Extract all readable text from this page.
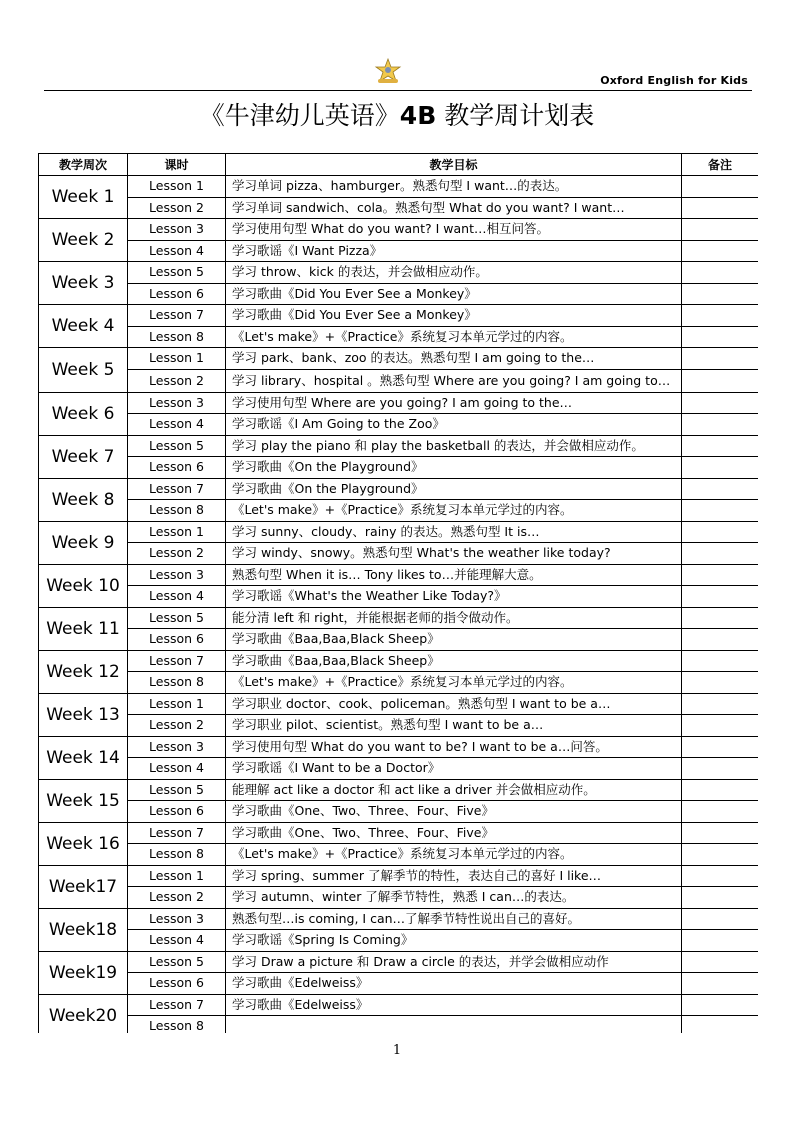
Oxford English for Kids
《牛津幼儿英语》4B 教学周计划表
教学周次	课时	教学目标	备注
Week 1	Lesson 1	学习单词 pizza、hamburger。熟悉句型 I want…的表达。	
	Lesson 2	学习单词 sandwich、cola。熟悉句型 What do you want? I want…	
Week 2	Lesson 3	学习使用句型 What do you want? I want…相互问答。	
	Lesson 4	学习歌谣《I Want Pizza》	
Week 3	Lesson 5	学习 throw、kick 的表达，并会做相应动作。	
	Lesson 6	学习歌曲《Did You Ever See a Monkey》	
Week 4	Lesson 7	学习歌曲《Did You Ever See a Monkey》	
	Lesson 8	《Let's make》+《Practice》系统复习本单元学过的内容。	
Week 5	Lesson 1	学习 park、bank、zoo 的表达。熟悉句型 I am going to the…	
	Lesson 2	学习 library、hospital 。熟悉句型 Where are you going? I am going to…	
Week 6	Lesson 3	学习使用句型 Where are you going? I am going to the…	
	Lesson 4	学习歌谣《I Am Going to the Zoo》	
Week 7	Lesson 5	学习 play the piano 和 play the basketball 的表达，并会做相应动作。	
	Lesson 6	学习歌曲《On the Playground》	
Week 8	Lesson 7	学习歌曲《On the Playground》	
	Lesson 8	《Let's make》+《Practice》系统复习本单元学过的内容。	
Week 9	Lesson 1	学习 sunny、cloudy、rainy 的表达。熟悉句型 It is…	
	Lesson 2	学习 windy、snowy。熟悉句型 What's the weather like today?	
Week 10	Lesson 3	熟悉句型 When it is… Tony likes to…并能理解大意。	
	Lesson 4	学习歌谣《What's the Weather Like Today?》	
Week 11	Lesson 5	能分清 left 和 right，并能根据老师的指令做动作。	
	Lesson 6	学习歌曲《Baa,Baa,Black Sheep》	
Week 12	Lesson 7	学习歌曲《Baa,Baa,Black Sheep》	
	Lesson 8	《Let's make》+《Practice》系统复习本单元学过的内容。	
Week 13	Lesson 1	学习职业 doctor、cook、policeman。熟悉句型 I want to be a…	
	Lesson 2	学习职业 pilot、scientist。熟悉句型 I want to be a…	
Week 14	Lesson 3	学习使用句型 What do you want to be? I want to be a…问答。	
	Lesson 4	学习歌谣《I Want to be a Doctor》	
Week 15	Lesson 5	能理解 act like a doctor 和 act like a driver 并会做相应动作。	
	Lesson 6	学习歌曲《One、Two、Three、Four、Five》	
Week 16	Lesson 7	学习歌曲《One、Two、Three、Four、Five》	
	Lesson 8	《Let's make》+《Practice》系统复习本单元学过的内容。	
Week17	Lesson 1	学习 spring、summer 了解季节的特性，表达自己的喜好 I like…	
	Lesson 2	学习 autumn、winter 了解季节特性，熟悉 I can…的表达。	
Week18	Lesson 3	熟悉句型…is coming, I can…了解季节特性说出自己的喜好。	
	Lesson 4	学习歌谣《Spring Is Coming》	
Week19	Lesson 5	学习 Draw a picture 和 Draw a circle 的表达，并学会做相应动作	
	Lesson 6	学习歌曲《Edelweiss》	
Week20	Lesson 7	学习歌曲《Edelweiss》	
	Lesson 8		
1
